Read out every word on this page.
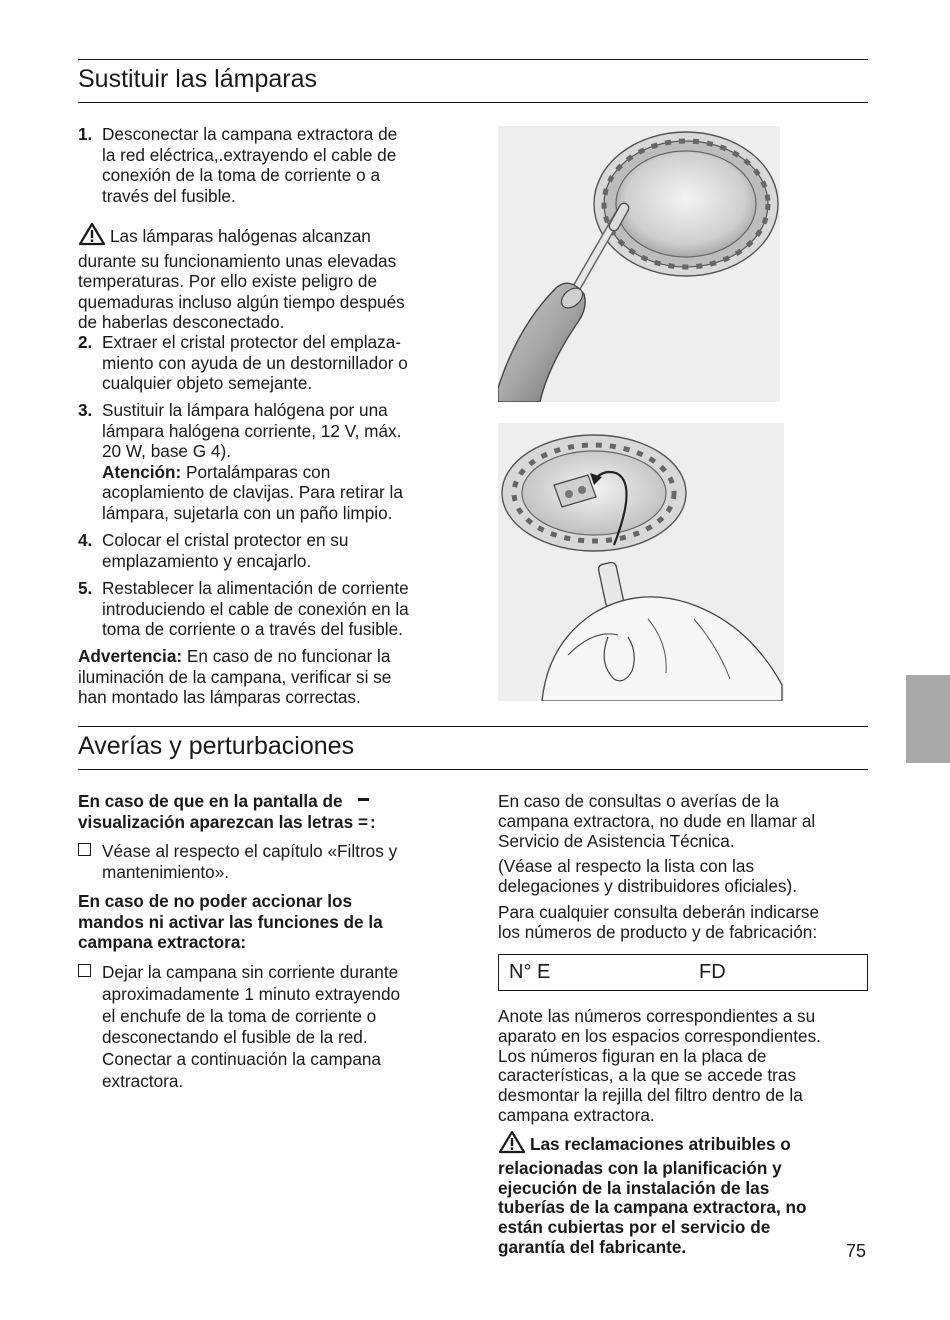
Sustituir las lámparas
1. Desconectar la campana extractora de
la red eléctrica,.extrayendo el cable de
conexión de la toma de corriente o a
través del fusible.
Las lámparas halógenas alcanzan
durante su funcionamiento unas elevadas
temperaturas. Por ello existe peligro de
quemaduras incluso algún tiempo después
de haberlas desconectado.
2. Extraer el cristal protector del emplaza-
miento con ayuda de un destornillador o
cualquier objeto semejante.
3. Sustituir la lámpara halógena por una
lámpara halógena corriente, 12 V, máx.
20 W, base G 4).
Atención: Portalámparas con
acoplamiento de clavijas. Para retirar la
lámpara, sujetarla con un paño limpio.
4. Colocar el cristal protector en su
emplazamiento y encajarlo.
5. Restablecer la alimentación de corriente
introduciendo el cable de conexión en la
toma de corriente o a través del fusible.
Advertencia: En caso de no funcionar la
iluminación de la campana, verificar si se
han montado las lámparas correctas.
Averías y perturbaciones
En caso de que en la pantalla de
visualización aparezcan las letras = :
Véase al respecto el capítulo «Filtros y
mantenimiento».
En caso de no poder accionar los
mandos ni activar las funciones de la
campana extractora:
Dejar la campana sin corriente durante
aproximadamente 1 minuto extrayendo
el enchufe de la toma de corriente o
desconectando el fusible de la red.
Conectar a continuación la campana
extractora.
En caso de consultas o averías de la
campana extractora, no dude en llamar al
Servicio de Asistencia Técnica.
(Véase al respecto la lista con las
delegaciones y distribuidores oficiales).
Para cualquier consulta deberán indicarse
los números de producto y de fabricación:
N° E	FD
Anote las números correspondientes a su
aparato en los espacios correspondientes.
Los números figuran en la placa de
características, a la que se accede tras
desmontar la rejilla del filtro dentro de la
campana extractora.
Las reclamaciones atribuibles o
relacionadas con la planificación y
ejecución de la instalación de las
tuberías de la campana extractora, no
están cubiertas por el servicio de
garantía del fabricante.	75
